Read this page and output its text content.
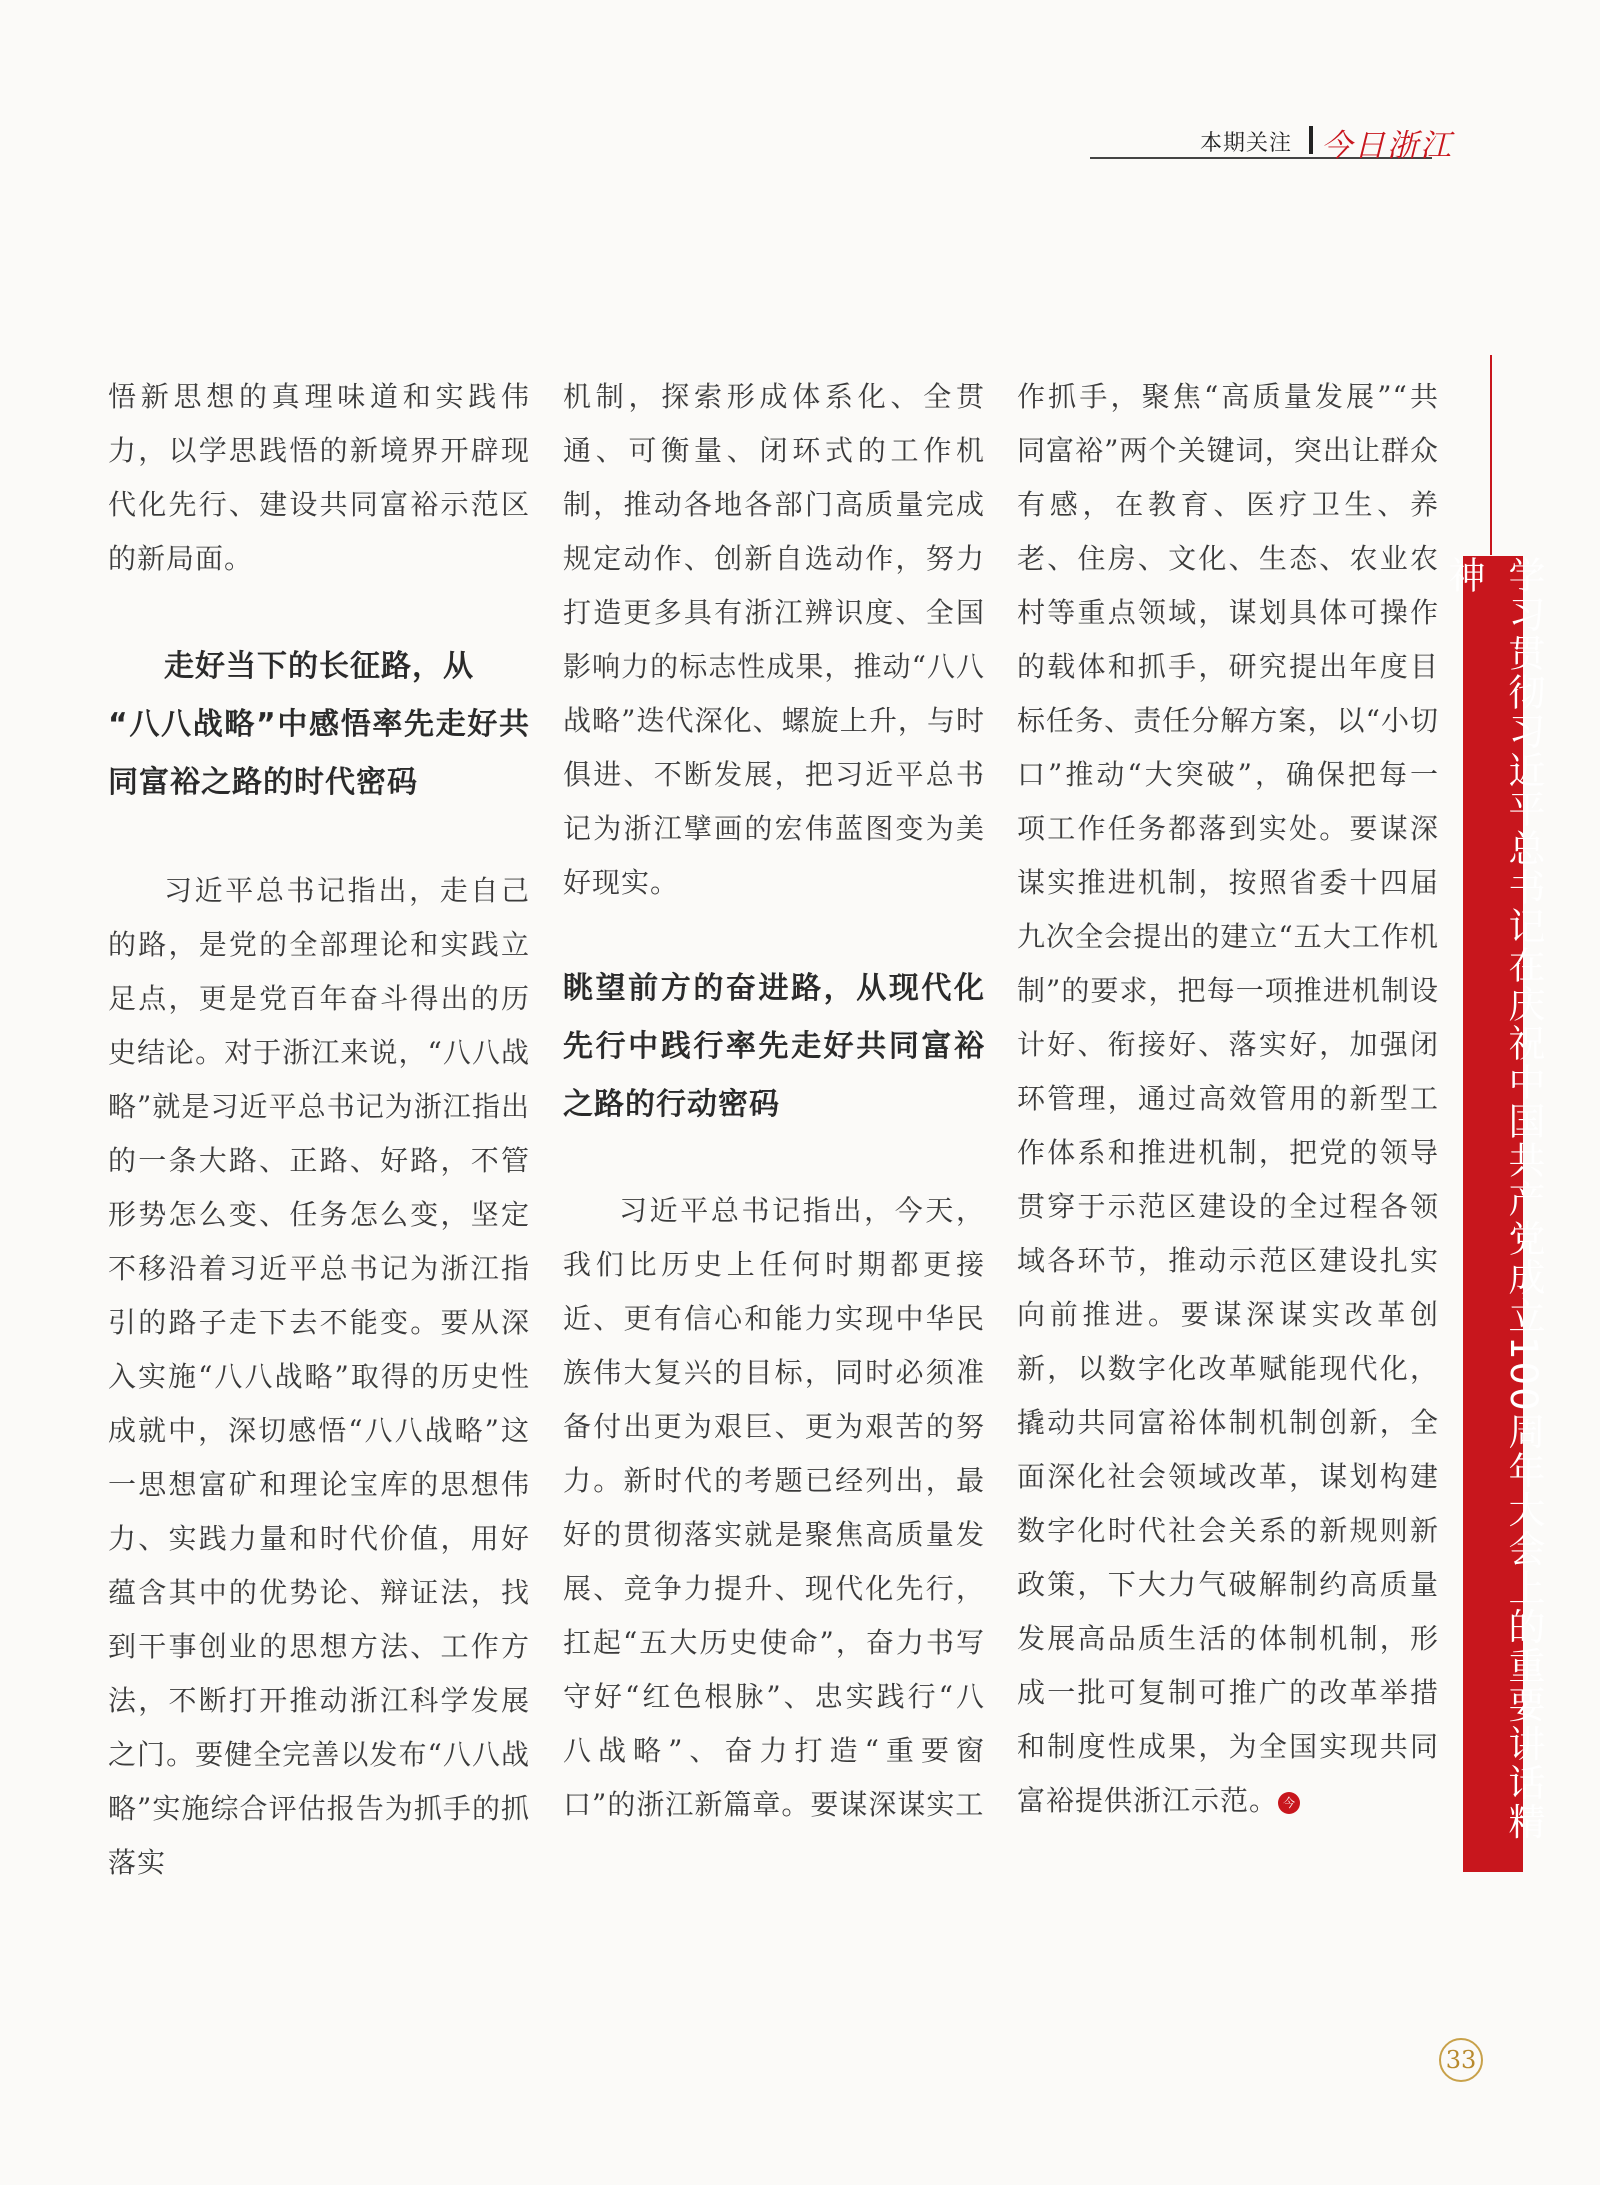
本期关注 今日浙江

悟新思想的真理味道和实践伟力，以学思践悟的新境界开辟现代化先行、建设共同富裕示范区的新局面。

走好当下的长征路，从
“八八战略”中感悟率先走好共同富裕之路的时代密码

习近平总书记指出，走自己的路，是党的全部理论和实践立足点，更是党百年奋斗得出的历史结论。对于浙江来说，“八八战略”就是习近平总书记为浙江指出的一条大路、正路、好路，不管形势怎么变、任务怎么变，坚定不移沿着习近平总书记为浙江指引的路子走下去不能变。要从深入实施“八八战略”取得的历史性成就中，深切感悟“八八战略”这一思想富矿和理论宝库的思想伟力、实践力量和时代价值，用好蕴含其中的优势论、辩证法，找到干事创业的思想方法、工作方法，不断打开推动浙江科学发展之门。要健全完善以发布“八八战略”实施综合评估报告为抓手的抓落实

机制，探索形成体系化、全贯通、可衡量、闭环式的工作机制，推动各地各部门高质量完成规定动作、创新自选动作，努力打造更多具有浙江辨识度、全国影响力的标志性成果，推动“八八战略”迭代深化、螺旋上升，与时俱进、不断发展，把习近平总书记为浙江擘画的宏伟蓝图变为美好现实。

眺望前方的奋进路，从现代化先行中践行率先走好共同富裕之路的行动密码

习近平总书记指出，今天，我们比历史上任何时期都更接近、更有信心和能力实现中华民族伟大复兴的目标，同时必须准备付出更为艰巨、更为艰苦的努力。新时代的考题已经列出，最好的贯彻落实就是聚焦高质量发展、竞争力提升、现代化先行，扛起“五大历史使命”，奋力书写守好“红色根脉”、忠实践行“八八战略”、奋力打造“重要窗口”的浙江新篇章。要谋深谋实工

作抓手，聚焦“高质量发展”“共同富裕”两个关键词，突出让群众有感，在教育、医疗卫生、养老、住房、文化、生态、农业农村等重点领域，谋划具体可操作的载体和抓手，研究提出年度目标任务、责任分解方案，以“小切口”推动“大突破”，确保把每一项工作任务都落到实处。要谋深谋实推进机制，按照省委十四届九次全会提出的建立“五大工作机制”的要求，把每一项推进机制设计好、衔接好、落实好，加强闭环管理，通过高效管用的新型工作体系和推进机制，把党的领导贯穿于示范区建设的全过程各领域各环节，推动示范区建设扎实向前推进。要谋深谋实改革创新，以数字化改革赋能现代化，撬动共同富裕体制机制创新，全面深化社会领域改革，谋划构建数字化时代社会关系的新规则新政策，下大力气破解制约高质量发展高品质生活的体制机制，形成一批可复制可推广的改革举措和制度性成果，为全国实现共同富裕提供浙江示范。 今	学习贯彻习近平总书记在庆祝中国共产党成立100周年大会上的重要讲话精神
33
